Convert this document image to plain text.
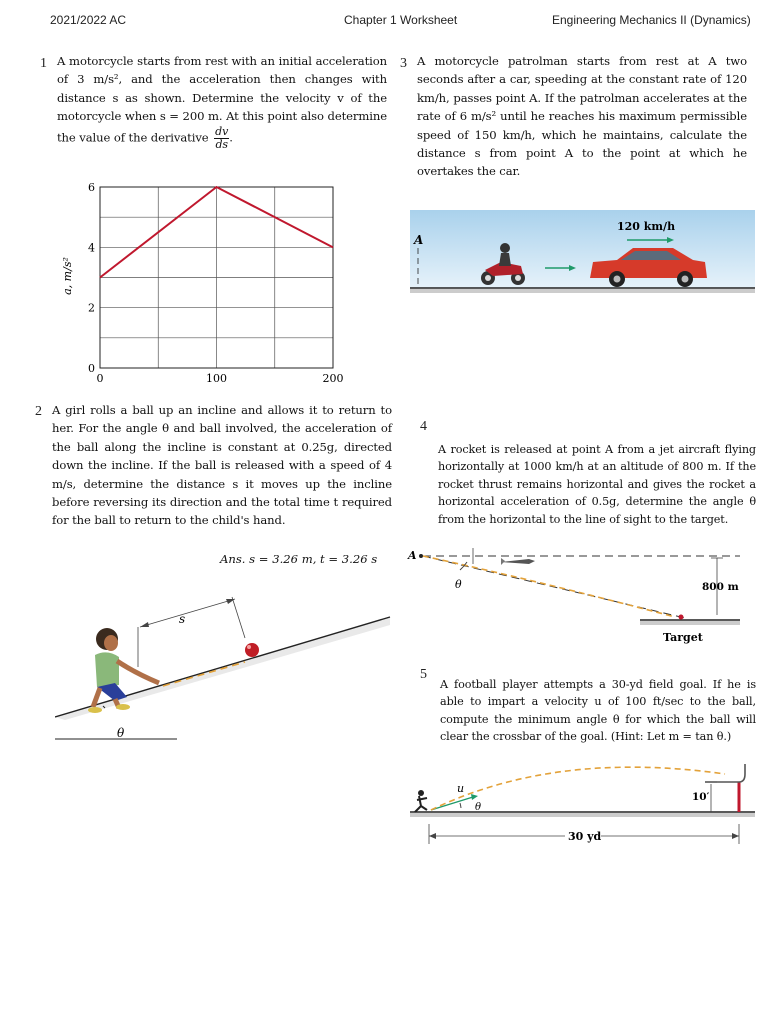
2021/2022 AC	Chapter 1 Worksheet	Engineering Mechanics II (Dynamics)
1 A motorcycle starts from rest with an initial acceleration of 3 m/s², and the acceleration then changes with distance s as shown. Determine the velocity v of the motorcycle when s = 200 m. At this point also determine the value of the derivative $\frac{dv}{ds}$ .
0	100	200
0
2
4
6
a, m/s²
2 A girl rolls a ball up an incline and allows it to return to her. For the angle θ and ball involved, the acceleration of the ball along the incline is constant at 0.25g, directed down the incline. If the ball is released with a speed of 4 m/s, determine the distance s it moves up the incline before reversing its direction and the total time t required for the ball to return to the child's hand.
Ans. s = 3.26 m, t = 3.26 s
θ
s
3 A motorcycle patrolman starts from rest at A two seconds after a car, speeding at the constant rate of 120 km/h, passes point A. If the patrolman accelerates at the rate of 6 m/s² until he reaches his maximum permissible speed of 150 km/h, which he maintains, calculate the distance s from point A to the point at which he overtakes the car.
A
120 km/h
4
A rocket is released at point A from a jet aircraft flying horizontally at 1000 km/h at an altitude of 800 m. If the rocket thrust remains horizontal and gives the rocket a horizontal acceleration of 0.5g, determine the angle θ from the horizontal to the line of sight to the target.
A
θ	800 m
Target
5
A football player attempts a 30-yd field goal. If he is able to impart a velocity u of 100 ft/sec to the ball, compute the minimum angle θ for which the ball will clear the crossbar of the goal. (Hint: Let m = tan θ.)
u
θ
10′
30 yd
